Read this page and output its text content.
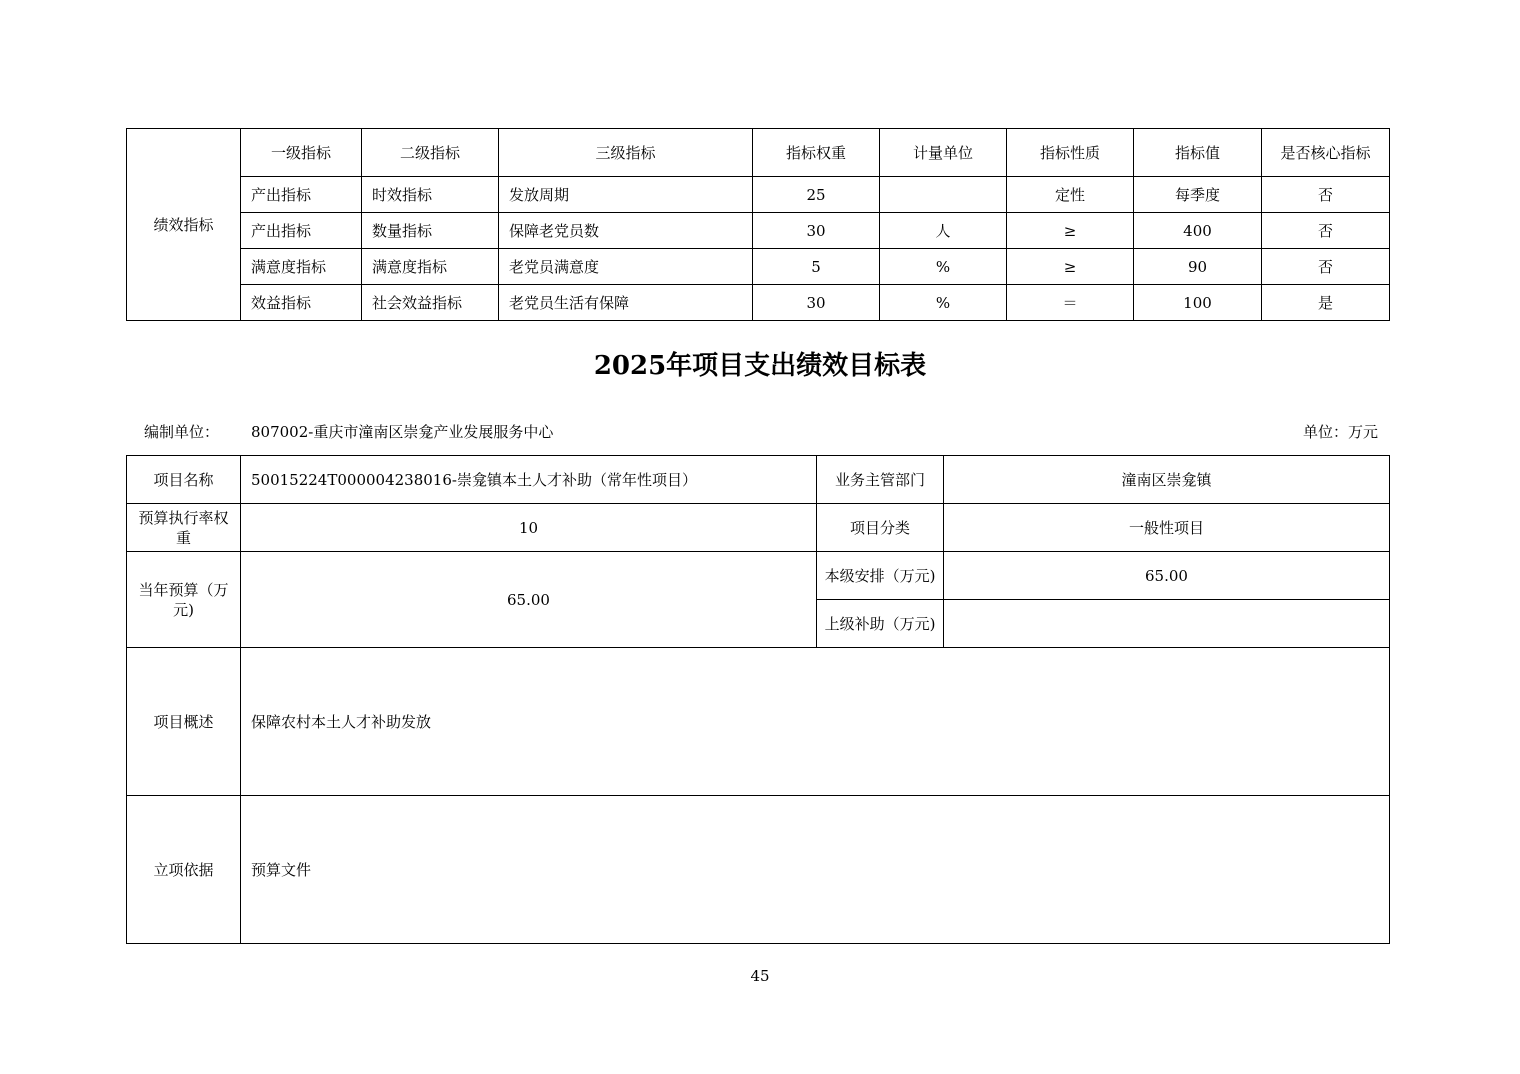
绩效指标	一级指标	二级指标	三级指标	指标权重	计量单位	指标性质	指标值	是否核心指标
	产出指标	时效指标	发放周期	25		定性	每季度	否
	产出指标	数量指标	保障老党员数	30	人	≥	400	否
	满意度指标	满意度指标	老党员满意度	5	%	≥	90	否
	效益指标	社会效益指标	老党员生活有保障	30	%	＝	100	是
2025年项目支出绩效目标表
编制单位： 807002-重庆市潼南区崇龛产业发展服务中心	单位：万元
项目名称	50015224T000004238016-崇龛镇本土人才补助（常年性项目）	业务主管部门	潼南区崇龛镇
预算执行率权重	10	项目分类	一般性项目
当年预算（万元)	65.00	本级安排（万元)	65.00
		上级补助（万元)	
项目概述	保障农村本土人才补助发放		
立项依据	预算文件		
45
